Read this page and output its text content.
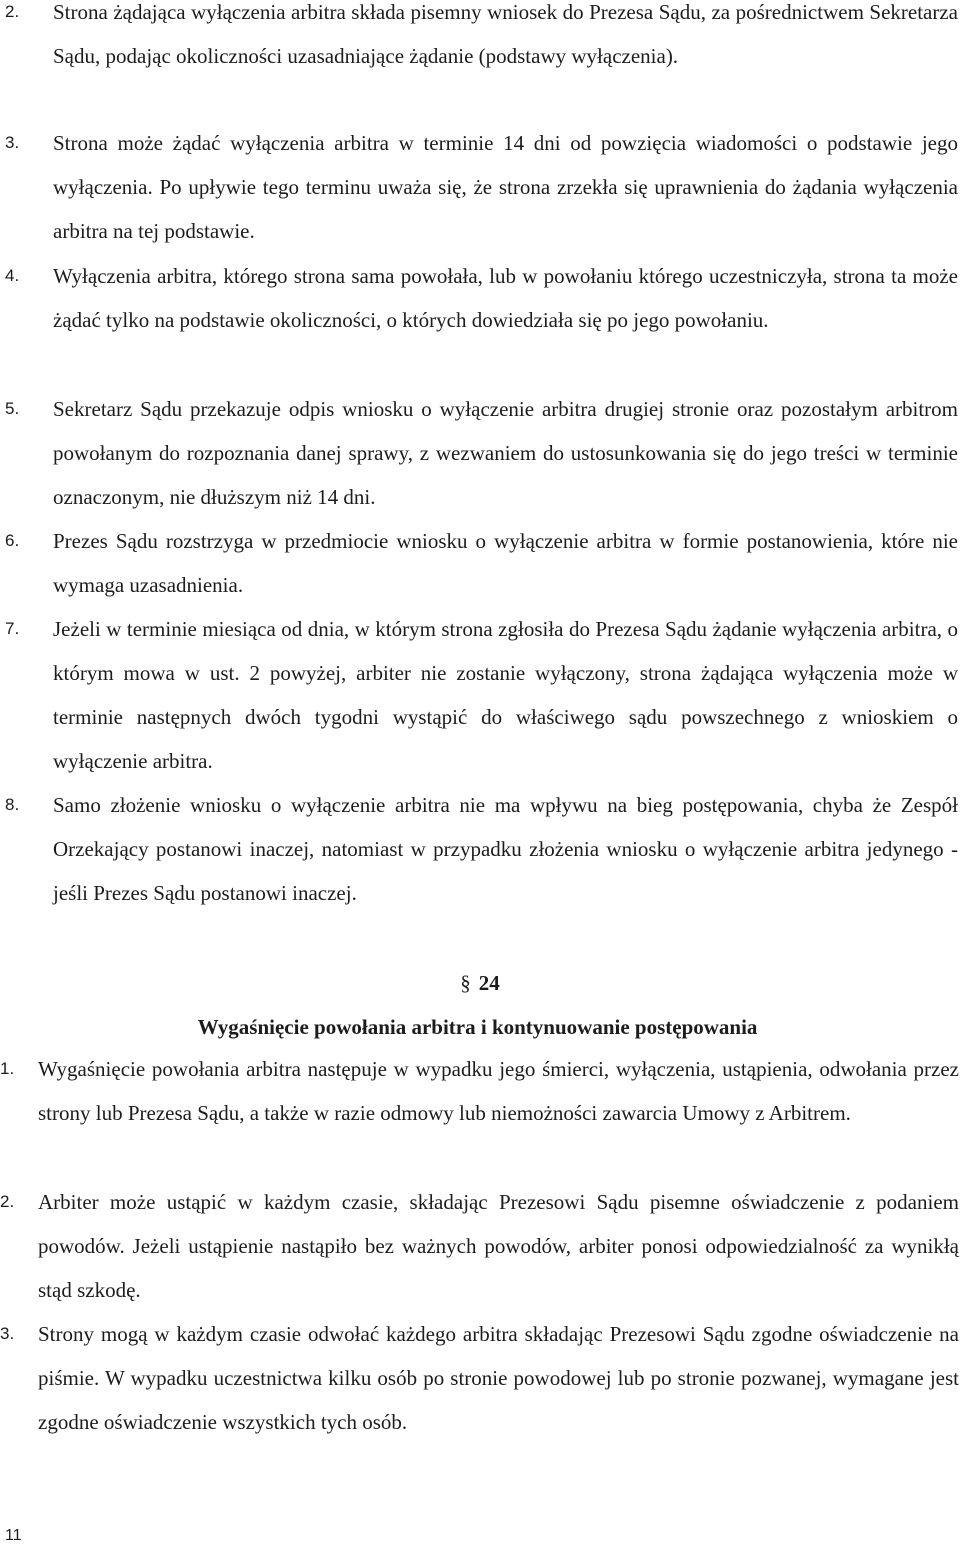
2.	Strona żądająca wyłączenia arbitra składa pisemny wniosek do Prezesa Sądu, za pośrednictwem Sekretarza Sądu, podając okoliczności uzasadniające żądanie (podstawy wyłączenia).
3.	Strona może żądać wyłączenia arbitra w terminie 14 dni od powzięcia wiadomości o podstawie jego wyłączenia. Po upływie tego terminu uważa się, że strona zrzekła się uprawnienia do żądania wyłączenia arbitra na tej podstawie.
4.	Wyłączenia arbitra, którego strona sama powołała, lub w powołaniu którego uczestniczyła, strona ta może żądać tylko na podstawie okoliczności, o których dowiedziała się po jego powołaniu.
5.	Sekretarz Sądu przekazuje odpis wniosku o wyłączenie arbitra drugiej stronie oraz pozostałym arbitrom powołanym do rozpoznania danej sprawy, z wezwaniem do ustosunkowania się do jego treści w terminie oznaczonym, nie dłuższym niż 14 dni.
6.	Prezes Sądu rozstrzyga w przedmiocie wniosku o wyłączenie arbitra w formie postanowienia, które nie wymaga uzasadnienia.
7.	Jeżeli w terminie miesiąca od dnia, w którym strona zgłosiła do Prezesa Sądu żądanie wyłączenia arbitra, o którym mowa w ust. 2 powyżej, arbiter nie zostanie wyłączony, strona żądająca wyłączenia może w terminie następnych dwóch tygodni wystąpić do właściwego sądu powszechnego z wnioskiem o wyłączenie arbitra.
8.	Samo złożenie wniosku o wyłączenie arbitra nie ma wpływu na bieg postępowania, chyba że Zespół Orzekający postanowi inaczej, natomiast w przypadku złożenia wniosku o wyłączenie arbitra jedynego - jeśli Prezes Sądu postanowi inaczej.
§ 24
Wygaśnięcie powołania arbitra i kontynuowanie postępowania
1.	Wygaśnięcie powołania arbitra następuje w wypadku jego śmierci, wyłączenia, ustąpienia, odwołania przez strony lub Prezesa Sądu, a także w razie odmowy lub niemożności zawarcia Umowy z Arbitrem.
2.	Arbiter może ustąpić w każdym czasie, składając Prezesowi Sądu pisemne oświadczenie z podaniem powodów. Jeżeli ustąpienie nastąpiło bez ważnych powodów, arbiter ponosi odpowiedzialność za wynikłą stąd szkodę.
3.	Strony mogą w każdym czasie odwołać każdego arbitra składając Prezesowi Sądu zgodne oświadczenie na piśmie. W wypadku uczestnictwa kilku osób po stronie powodowej lub po stronie pozwanej, wymagane jest zgodne oświadczenie wszystkich tych osób.
11
